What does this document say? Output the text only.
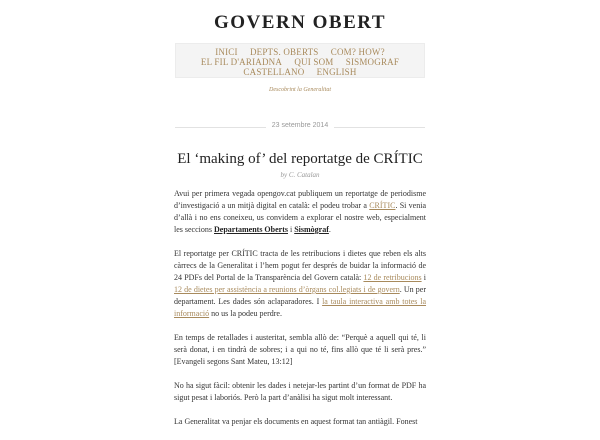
GOVERN OBERT
INICI DEPTS. OBERTS COM? HOW?
EL FIL D'ARIADNA QUI SOM SISMOGRAF
CASTELLANO ENGLISH
Descobrint la Generalitat
23 setembre 2014
El ‘making of’ del reportatge de CRÍTIC
by C. Catalan

Avui per primera vegada opengov.cat publiquem un reportatge de periodisme d’investigació a un mitjà digital en català: el podeu trobar a CRÍTIC. Si venia d’allà i no ens coneixeu, us convidem a explorar el nostre web, especialment les seccions Departaments Oberts i Sismògraf.

El reportatge per CRÍTIC tracta de les retribucions i dietes que reben els alts càrrecs de la Generalitat i l’hem pogut fer després de buidar la informació de 24 PDFs del Portal de la Transparència del Govern català: 12 de retribucions i 12 de dietes per assistència a reunions d’òrgans col.legiats i de govern. Un per departament. Les dades són aclaparadores. I la taula interactiva amb totes la informació no us la podeu perdre.

En temps de retallades i austeritat, sembla allò de: “Perquè a aquell qui té, li serà donat, i en tindrà de sobres; i a qui no té, fins allò que té li serà pres.” [Evangeli segons Sant Mateu, 13:12]

No ha sigut fàcil: obtenir les dades i netejar-les partint d’un format de PDF ha sigut pesat i laboriós. Però la part d’anàlisi ha sigut molt interessant.

La Generalitat va penjar els documents en aquest format tan antiàgil. Fonest
